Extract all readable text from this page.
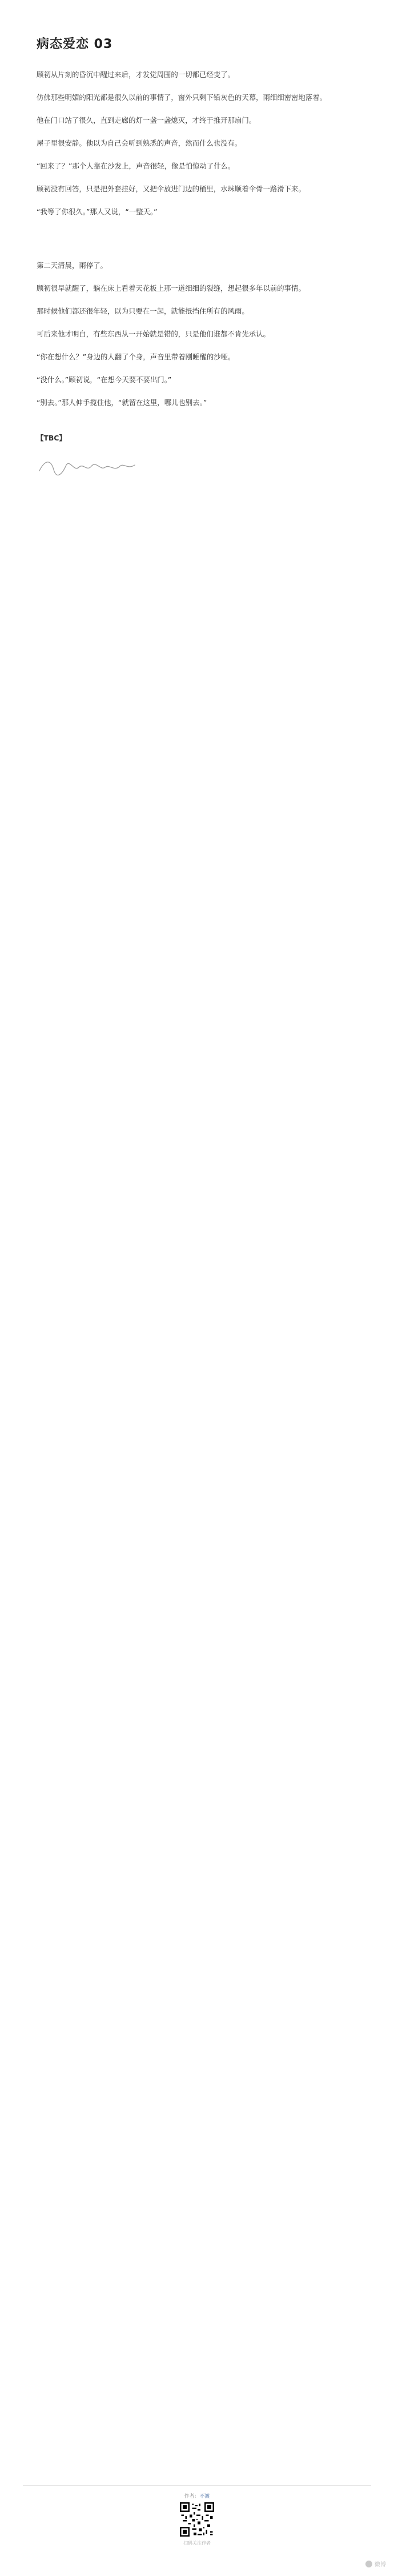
病态爱恋 03

顾初从片刻的昏沉中醒过来后，才发觉周围的一切都已经变了。

仿佛那些明媚的阳光都是很久以前的事情了，窗外只剩下铅灰色的天幕，雨细细密密地落着。

他在门口站了很久，直到走廊的灯一盏一盏熄灭，才终于推开那扇门。

屋子里很安静。他以为自己会听到熟悉的声音，然而什么也没有。

“回来了？”那个人靠在沙发上，声音很轻，像是怕惊动了什么。

顾初没有回答，只是把外套挂好，又把伞放进门边的桶里，水珠顺着伞骨一路滑下来。

“我等了你很久。”那人又说，“一整天。”

第二天清晨，雨停了。

顾初很早就醒了，躺在床上看着天花板上那一道细细的裂缝，想起很多年以前的事情。

那时候他们都还很年轻，以为只要在一起，就能抵挡住所有的风雨。

可后来他才明白，有些东西从一开始就是错的，只是他们谁都不肯先承认。

“你在想什么？”身边的人翻了个身，声音里带着刚睡醒的沙哑。

“没什么。”顾初说，“在想今天要不要出门。”

“别去。”那人伸手揽住他，“就留在这里，哪儿也别去。”

【TBC】

作者：不渡
扫码关注作者
微博
